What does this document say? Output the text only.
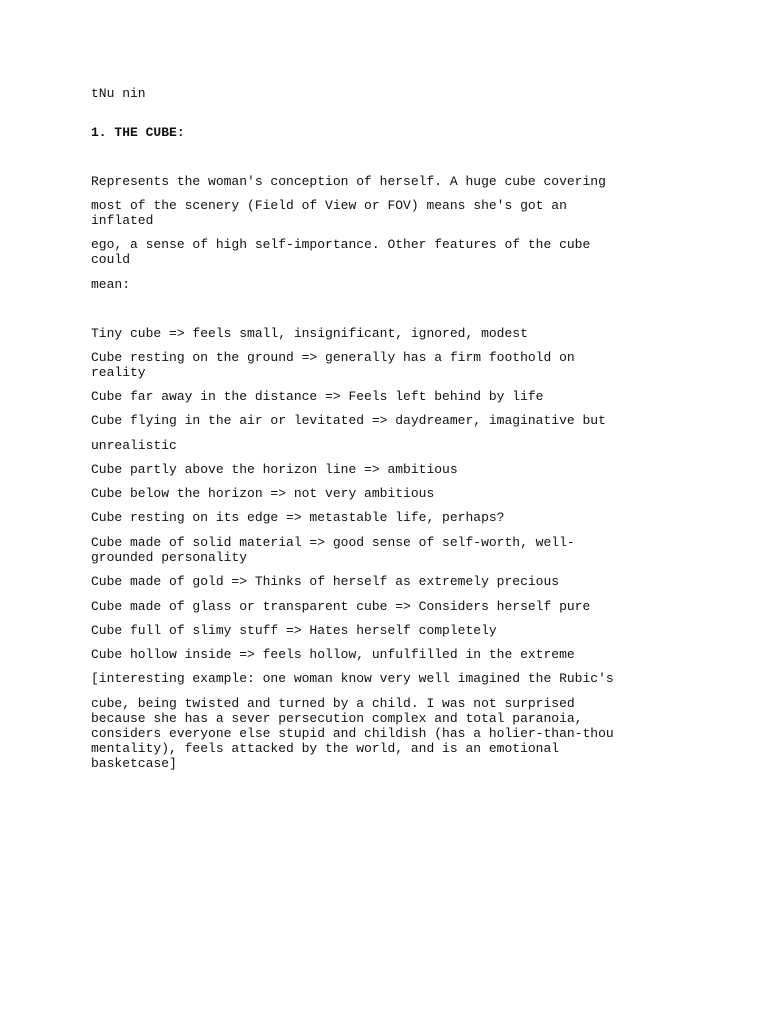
tNu nin

1. THE CUBE:

Represents the woman's conception of herself. A huge cube covering

most of the scenery (Field of View or FOV) means she's got an

inflated

ego, a sense of high self-importance. Other features of the cube

could

mean:

Tiny cube => feels small, insignificant, ignored, modest

Cube resting on the ground => generally has a firm foothold on

reality

Cube far away in the distance => Feels left behind by life

Cube flying in the air or levitated => daydreamer, imaginative but

unrealistic

Cube partly above the horizon line => ambitious

Cube below the horizon => not very ambitious

Cube resting on its edge => metastable life, perhaps?

Cube made of solid material => good sense of self-worth, well-

grounded personality

Cube made of gold => Thinks of herself as extremely precious

Cube made of glass or transparent cube => Considers herself pure

Cube full of slimy stuff => Hates herself completely

Cube hollow inside => feels hollow, unfulfilled in the extreme

[interesting example: one woman know very well imagined the Rubic's

cube, being twisted and turned by a child. I was not surprised

because she has a sever persecution complex and total paranoia,

considers everyone else stupid and childish (has a holier-than-thou

mentality), feels attacked by the world, and is an emotional

basketcase]
